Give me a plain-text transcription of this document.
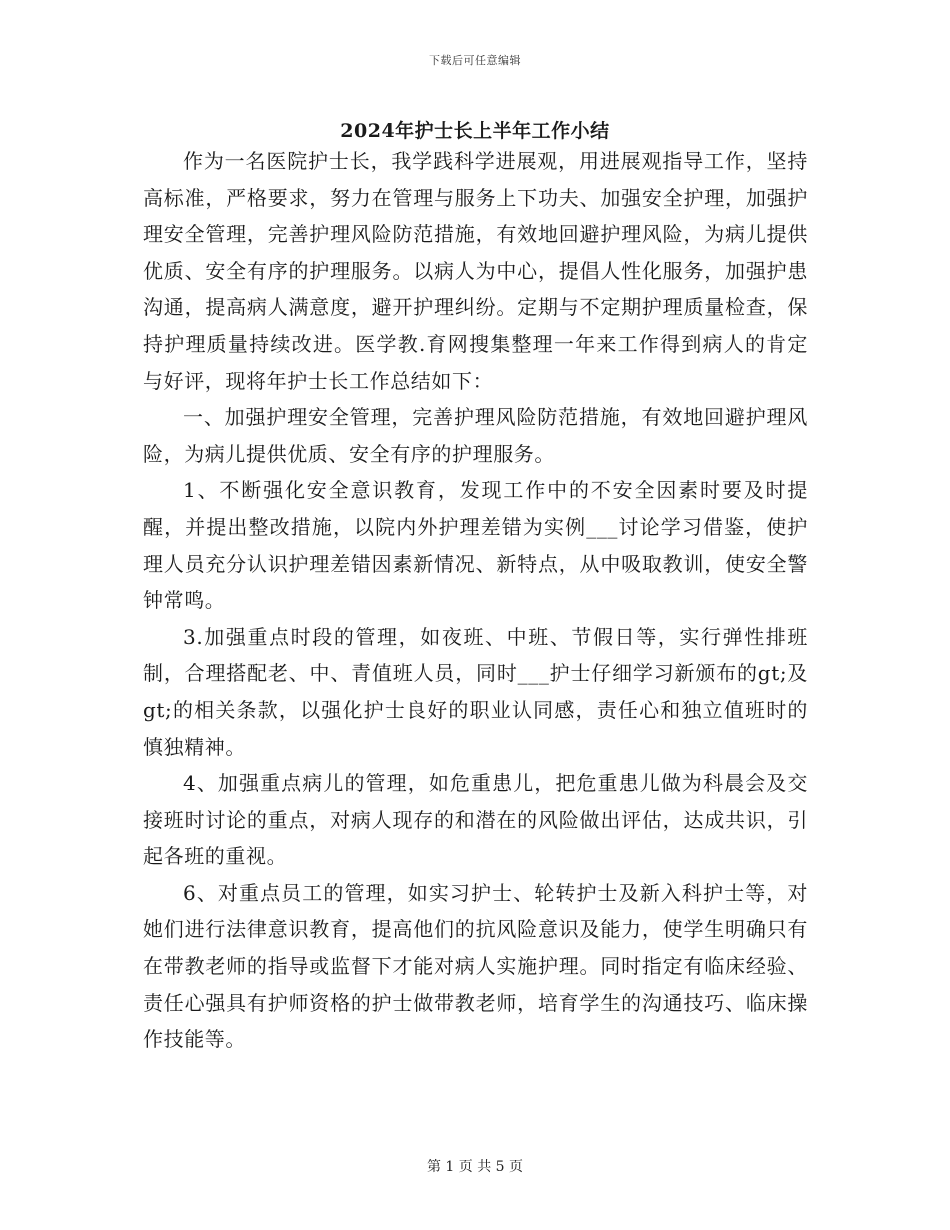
下载后可任意编辑
2024年护士长上半年工作小结

作为一名医院护士长，我学践科学进展观，用进展观指导工作，坚持高标准，严格要求，努力在管理与服务上下功夫、加强安全护理，加强护理安全管理，完善护理风险防范措施，有效地回避护理风险，为病儿提供优质、安全有序的护理服务。以病人为中心，提倡人性化服务，加强护患沟通，提高病人满意度，避开护理纠纷。定期与不定期护理质量检查，保持护理质量持续改进。医学教.育网搜集整理一年来工作得到病人的肯定与好评，现将年护士长工作总结如下：

一、加强护理安全管理，完善护理风险防范措施，有效地回避护理风险，为病儿提供优质、安全有序的护理服务。

1、不断强化安全意识教育，发现工作中的不安全因素时要及时提醒，并提出整改措施，以院内外护理差错为实例___讨论学习借鉴，使护理人员充分认识护理差错因素新情况、新特点，从中吸取教训，使安全警钟常鸣。

3.加强重点时段的管理，如夜班、中班、节假日等，实行弹性排班制，合理搭配老、中、青值班人员，同时___护士仔细学习新颁布的gt;及gt;的相关条款，以强化护士良好的职业认同感，责任心和独立值班时的慎独精神。

4、加强重点病儿的管理，如危重患儿，把危重患儿做为科晨会及交接班时讨论的重点，对病人现存的和潜在的风险做出评估，达成共识，引起各班的重视。

6、对重点员工的管理，如实习护士、轮转护士及新入科护士等，对她们进行法律意识教育，提高他们的抗风险意识及能力，使学生明确只有在带教老师的指导或监督下才能对病人实施护理。同时指定有临床经验、责任心强具有护师资格的护士做带教老师，培育学生的沟通技巧、临床操作技能等。

第 1 页 共 5 页
